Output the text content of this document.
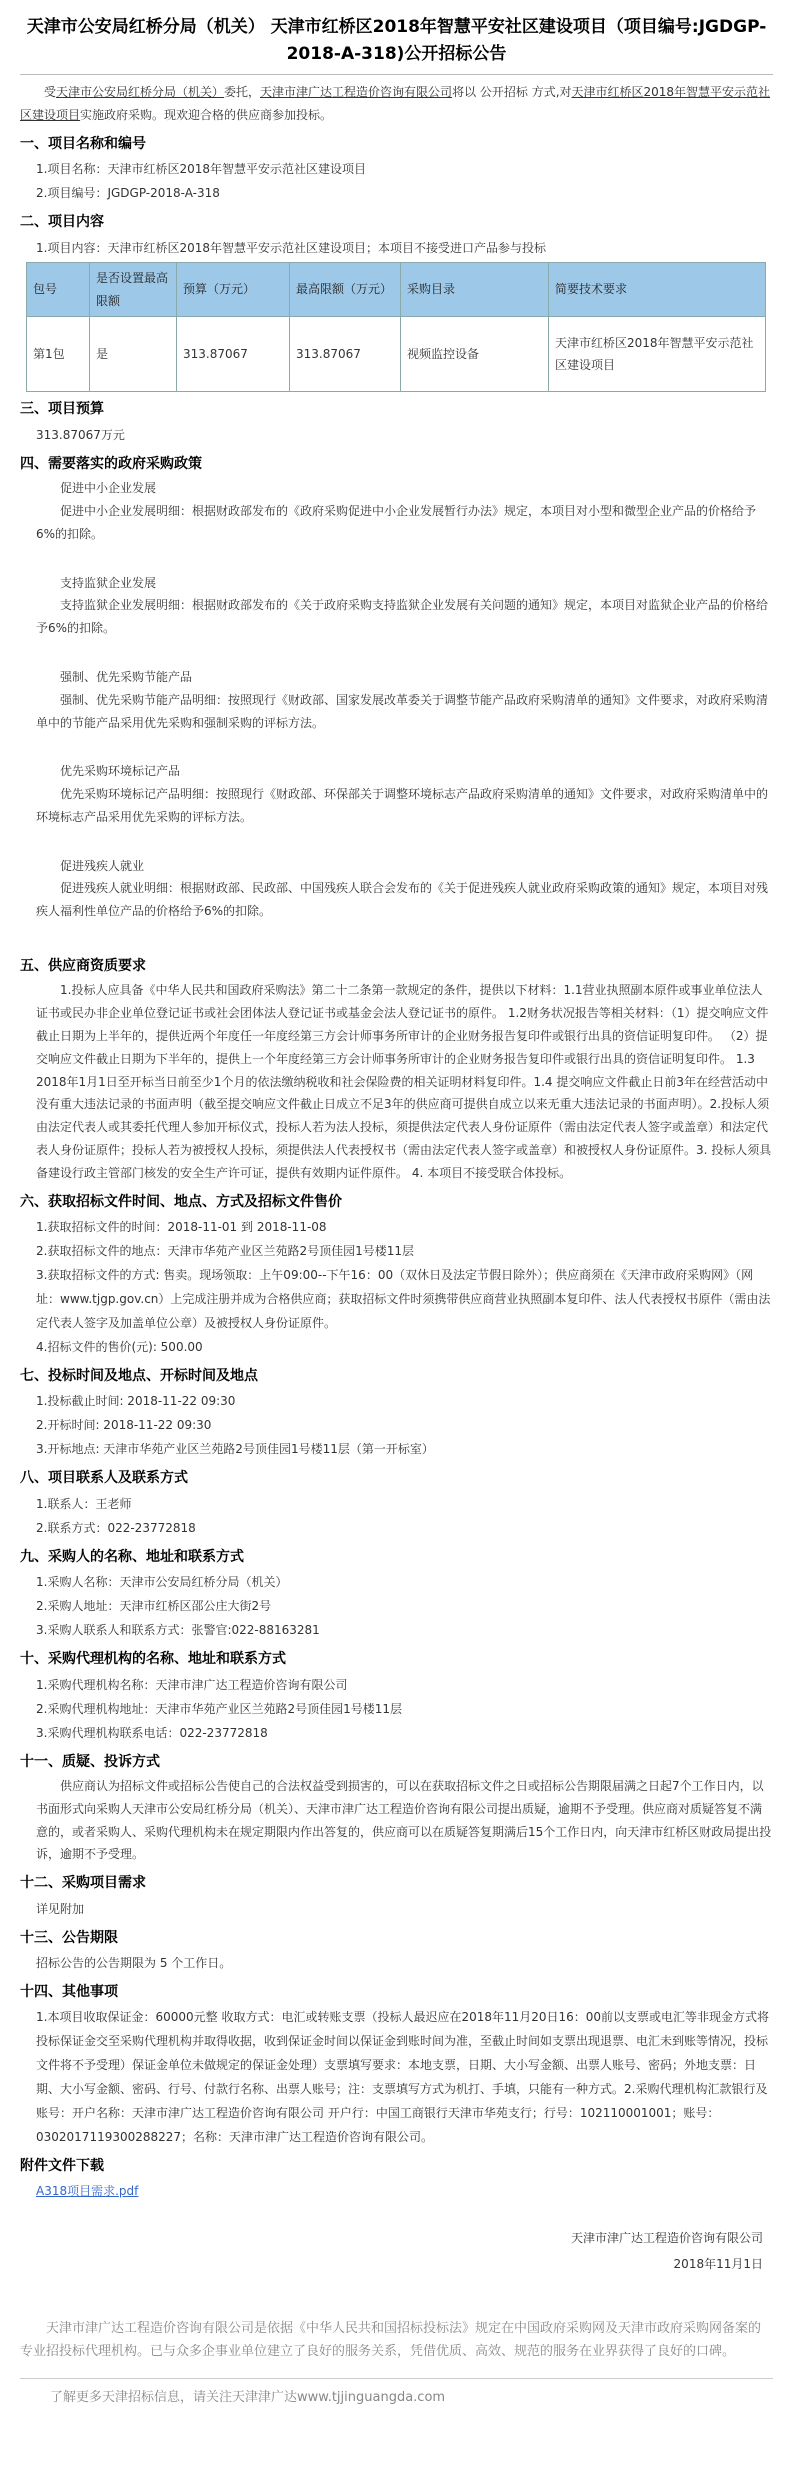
天津市公安局红桥分局（机关） 天津市红桥区2018年智慧平安社区建设项目（项目编号:JGDGP-2018-A-318)公开招标公告

受天津市公安局红桥分局（机关）委托，天津市津广达工程造价咨询有限公司将以 公开招标 方式,对天津市红桥区2018年智慧平安示范社区建设项目实施政府采购。现欢迎合格的供应商参加投标。

一、项目名称和编号

1.项目名称：天津市红桥区2018年智慧平安示范社区建设项目

2.项目编号：JGDGP-2018-A-318

二、项目内容

1.项目内容：天津市红桥区2018年智慧平安示范社区建设项目；本项目不接受进口产品参与投标

包号	是否设置最高限额	预算（万元）	最高限额（万元）	采购目录	简要技术要求
第1包	是	313.87067	313.87067	视频监控设备	天津市红桥区2018年智慧平安示范社区建设项目
三、项目预算

313.87067万元

四、需要落实的政府采购政策

促进中小企业发展

促进中小企业发展明细：根据财政部发布的《政府采购促进中小企业发展暂行办法》规定，本项目对小型和微型企业产品的价格给予6%的扣除。

支持监狱企业发展

支持监狱企业发展明细：根据财政部发布的《关于政府采购支持监狱企业发展有关问题的通知》规定，本项目对监狱企业产品的价格给予6%的扣除。

强制、优先采购节能产品

强制、优先采购节能产品明细：按照现行《财政部、国家发展改革委关于调整节能产品政府采购清单的通知》文件要求，对政府采购清单中的节能产品采用优先采购和强制采购的评标方法。

优先采购环境标记产品

优先采购环境标记产品明细：按照现行《财政部、环保部关于调整环境标志产品政府采购清单的通知》文件要求，对政府采购清单中的环境标志产品采用优先采购的评标方法。

促进残疾人就业

促进残疾人就业明细：根据财政部、民政部、中国残疾人联合会发布的《关于促进残疾人就业政府采购政策的通知》规定，本项目对残疾人福利性单位产品的价格给予6%的扣除。

五、供应商资质要求

1.投标人应具备《中华人民共和国政府采购法》第二十二条第一款规定的条件，提供以下材料：1.1营业执照副本原件或事业单位法人证书或民办非企业单位登记证书或社会团体法人登记证书或基金会法人登记证书的原件。 1.2财务状况报告等相关材料：（1）提交响应文件截止日期为上半年的，提供近两个年度任一年度经第三方会计师事务所审计的企业财务报告复印件或银行出具的资信证明复印件。 （2）提交响应文件截止日期为下半年的，提供上一个年度经第三方会计师事务所审计的企业财务报告复印件或银行出具的资信证明复印件。 1.3 2018年1月1日至开标当日前至少1个月的依法缴纳税收和社会保险费的相关证明材料复印件。1.4 提交响应文件截止日前3年在经营活动中没有重大违法记录的书面声明（截至提交响应文件截止日成立不足3年的供应商可提供自成立以来无重大违法记录的书面声明）。2.投标人须由法定代表人或其委托代理人参加开标仪式，投标人若为法人投标，须提供法定代表人身份证原件（需由法定代表人签字或盖章）和法定代表人身份证原件；投标人若为被授权人投标，须提供法人代表授权书（需由法定代表人签字或盖章）和被授权人身份证原件。3. 投标人须具备建设行政主管部门核发的安全生产许可证，提供有效期内证件原件。 4. 本项目不接受联合体投标。

六、获取招标文件时间、地点、方式及招标文件售价

1.获取招标文件的时间：2018-11-01 到 2018-11-08

2.获取招标文件的地点：天津市华苑产业区兰苑路2号顶佳园1号楼11层

3.获取招标文件的方式: 售卖。现场领取：上午09:00--下午16：00（双休日及法定节假日除外）；供应商须在《天津市政府采购网》（网址：www.tjgp.gov.cn）上完成注册并成为合格供应商；获取招标文件时须携带供应商营业执照副本复印件、法人代表授权书原件（需由法定代表人签字及加盖单位公章）及被授权人身份证原件。

4.招标文件的售价(元): 500.00

七、投标时间及地点、开标时间及地点

1.投标截止时间: 2018-11-22 09:30

2.开标时间: 2018-11-22 09:30

3.开标地点: 天津市华苑产业区兰苑路2号顶佳园1号楼11层（第一开标室）

八、项目联系人及联系方式

1.联系人：王老师

2.联系方式：022-23772818

九、采购人的名称、地址和联系方式

1.采购人名称：天津市公安局红桥分局（机关）

2.采购人地址：天津市红桥区邵公庄大街2号

3.采购人联系人和联系方式：张警官:022-88163281

十、采购代理机构的名称、地址和联系方式

1.采购代理机构名称：天津市津广达工程造价咨询有限公司

2.采购代理机构地址：天津市华苑产业区兰苑路2号顶佳园1号楼11层

3.采购代理机构联系电话：022-23772818

十一、质疑、投诉方式

供应商认为招标文件或招标公告使自己的合法权益受到损害的，可以在获取招标文件之日或招标公告期限届满之日起7个工作日内，以书面形式向采购人天津市公安局红桥分局（机关）、天津市津广达工程造价咨询有限公司提出质疑，逾期不予受理。供应商对质疑答复不满意的，或者采购人、采购代理机构未在规定期限内作出答复的，供应商可以在质疑答复期满后15个工作日内，向天津市红桥区财政局提出投诉，逾期不予受理。

十二、采购项目需求

详见附加

十三、公告期限

招标公告的公告期限为 5 个工作日。

十四、其他事项

1.本项目收取保证金：60000元整 收取方式：电汇或转账支票（投标人最迟应在2018年11月20日16：00前以支票或电汇等非现金方式将投标保证金交至采购代理机构并取得收据，收到保证金时间以保证金到账时间为准，至截止时间如支票出现退票、电汇未到账等情况，投标文件将不予受理）保证金单位未做规定的保证金处理）支票填写要求：本地支票，日期、大小写金额、出票人账号、密码；外地支票：日期、大小写金额、密码、行号、付款行名称、出票人账号；注：支票填写方式为机打、手填，只能有一种方式。2.采购代理机构汇款银行及账号：开户名称：天津市津广达工程造价咨询有限公司 开户行：中国工商银行天津市华苑支行；行号：102110001001；账号：0302017119300288227；名称：天津市津广达工程造价咨询有限公司。

附件文件下载
A318项目需求.pdf

天津市津广达工程造价咨询有限公司

2018年11月1日

天津市津广达工程造价咨询有限公司是依据《中华人民共和国招标投标法》规定在中国政府采购网及天津市政府采购网备案的专业招投标代理机构。已与众多企事业单位建立了良好的服务关系，凭借优质、高效、规范的服务在业界获得了良好的口碑。

了解更多天津招标信息，请关注天津津广达www.tjjinguangda.com
